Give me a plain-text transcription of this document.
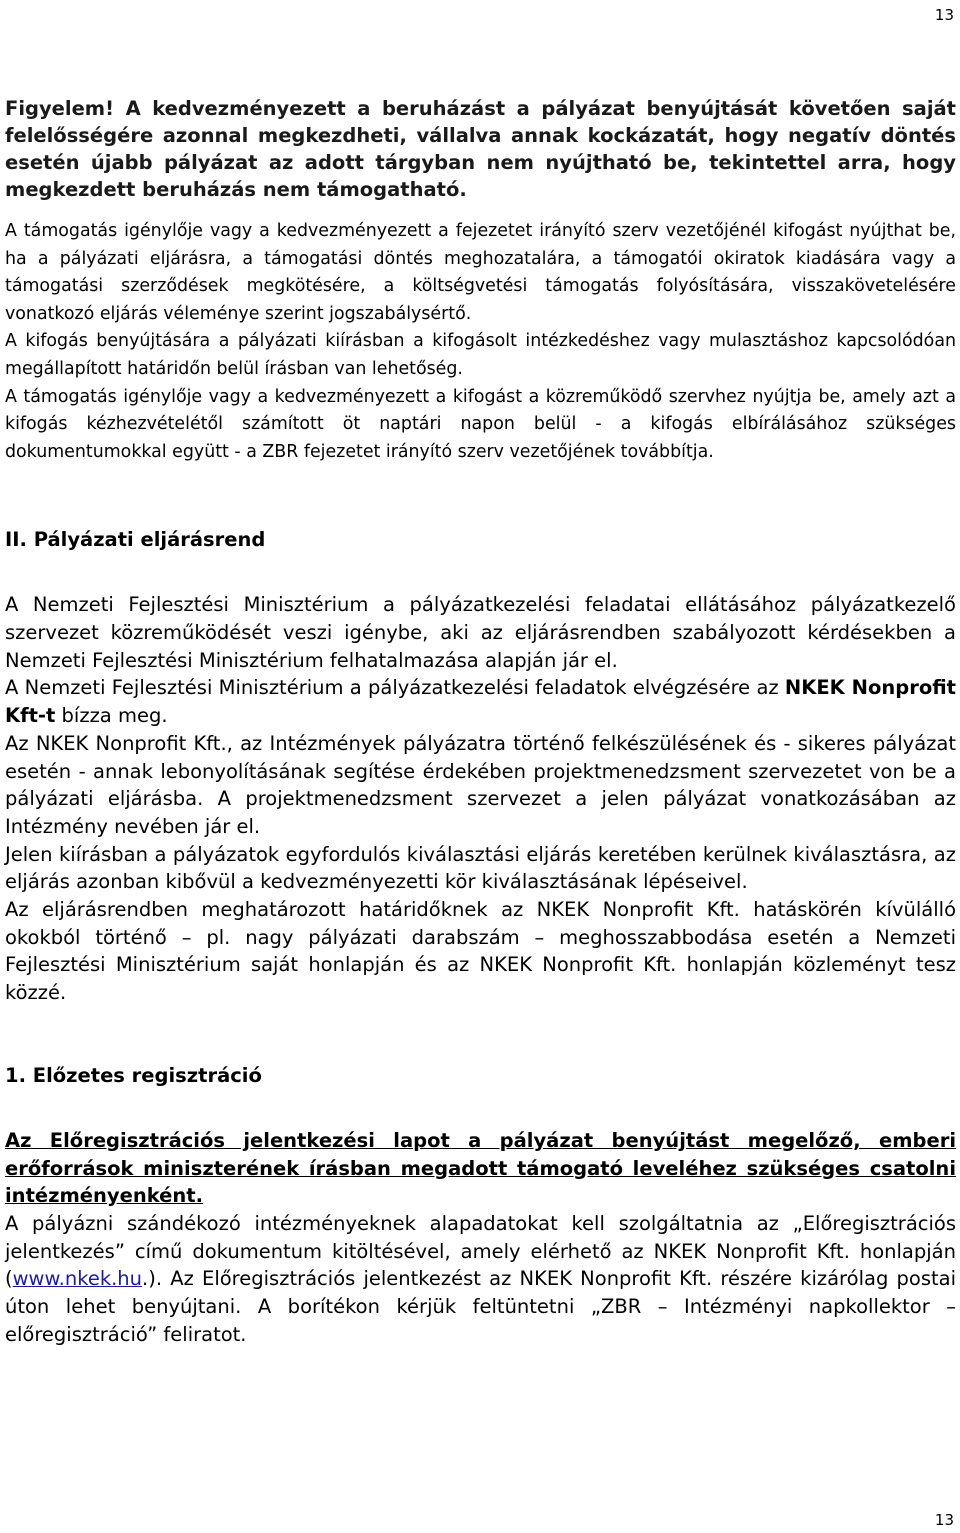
13

Figyelem! A kedvezményezett a beruházást a pályázat benyújtását követően saját felelősségére azonnal megkezdheti, vállalva annak kockázatát, hogy negatív döntés esetén újabb pályázat az adott tárgyban nem nyújtható be, tekintettel arra, hogy megkezdett beruházás nem támogatható.

A támogatás igénylője vagy a kedvezményezett a fejezetet irányító szerv vezetőjénél kifogást nyújthat be, ha a pályázati eljárásra, a támogatási döntés meghozatalára, a támogatói okiratok kiadására vagy a támogatási szerződések megkötésére, a költségvetési támogatás folyósítására, visszakövetelésére vonatkozó eljárás véleménye szerint jogszabálysértő.

A kifogás benyújtására a pályázati kiírásban a kifogásolt intézkedéshez vagy mulasztáshoz kapcsolódóan megállapított határidőn belül írásban van lehetőség.

A támogatás igénylője vagy a kedvezményezett a kifogást a közreműködő szervhez nyújtja be, amely azt a kifogás kézhezvételétől számított öt naptári napon belül - a kifogás elbírálásához szükséges dokumentumokkal együtt - a ZBR fejezetet irányító szerv vezetőjének továbbítja.

II. Pályázati eljárásrend

A Nemzeti Fejlesztési Minisztérium a pályázatkezelési feladatai ellátásához pályázatkezelő szervezet közreműködését veszi igénybe, aki az eljárásrendben szabályozott kérdésekben a Nemzeti Fejlesztési Minisztérium felhatalmazása alapján jár el.

A Nemzeti Fejlesztési Minisztérium a pályázatkezelési feladatok elvégzésére az NKEK Nonprofit Kft-t bízza meg.

Az NKEK Nonprofit Kft., az Intézmények pályázatra történő felkészülésének és - sikeres pályázat esetén - annak lebonyolításának segítése érdekében projektmenedzsment szervezetet von be a pályázati eljárásba. A projektmenedzsment szervezet a jelen pályázat vonatkozásában az Intézmény nevében jár el.

Jelen kiírásban a pályázatok egyfordulós kiválasztási eljárás keretében kerülnek kiválasztásra, az eljárás azonban kibővül a kedvezményezetti kör kiválasztásának lépéseivel.

Az eljárásrendben meghatározott határidőknek az NKEK Nonprofit Kft. hatáskörén kívülálló okokból történő – pl. nagy pályázati darabszám – meghosszabbodása esetén a Nemzeti Fejlesztési Minisztérium saját honlapján és az NKEK Nonprofit Kft. honlapján közleményt tesz közzé.

1. Előzetes regisztráció

Az Előregisztrációs jelentkezési lapot a pályázat benyújtást megelőző, emberi erőforrások miniszterének írásban megadott támogató leveléhez szükséges csatolni intézményenként.

A pályázni szándékozó intézményeknek alapadatokat kell szolgáltatnia az „Előregisztrációs jelentkezés” című dokumentum kitöltésével, amely elérhető az NKEK Nonprofit Kft. honlapján (www.nkek.hu.). Az Előregisztrációs jelentkezést az NKEK Nonprofit Kft. részére kizárólag postai úton lehet benyújtani. A borítékon kérjük feltüntetni „ZBR – Intézményi napkollektor – előregisztráció” feliratot.

13
